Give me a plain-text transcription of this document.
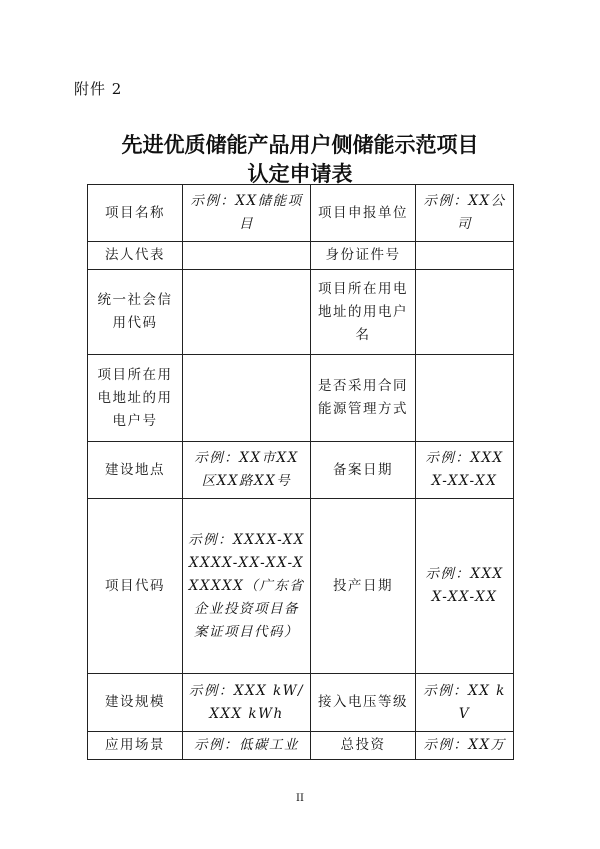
附件 2
先进优质储能产品用户侧储能示范项目
认定申请表
项目名称	示例：XX储能项目	项目申报单位	示例：XX公司
法人代表		身份证件号	
统一社会信用代码		项目所在用电地址的用电户名	
项目所在用电地址的用电户号		是否采用合同能源管理方式	
建设地点	示例：XX市XX区XX路XX号	备案日期	示例：XXXX-XX-XX
项目代码	示例：XXXX-XXXXXX-XX-XX-XXXXXX（广东省企业投资项目备案证项目代码）	投产日期	示例：XXXX-XX-XX
建设规模	示例：XXX kW/XXX kWh	接入电压等级	示例：XX kV
应用场景	示例：低碳工业	总投资	示例：XX万
II
